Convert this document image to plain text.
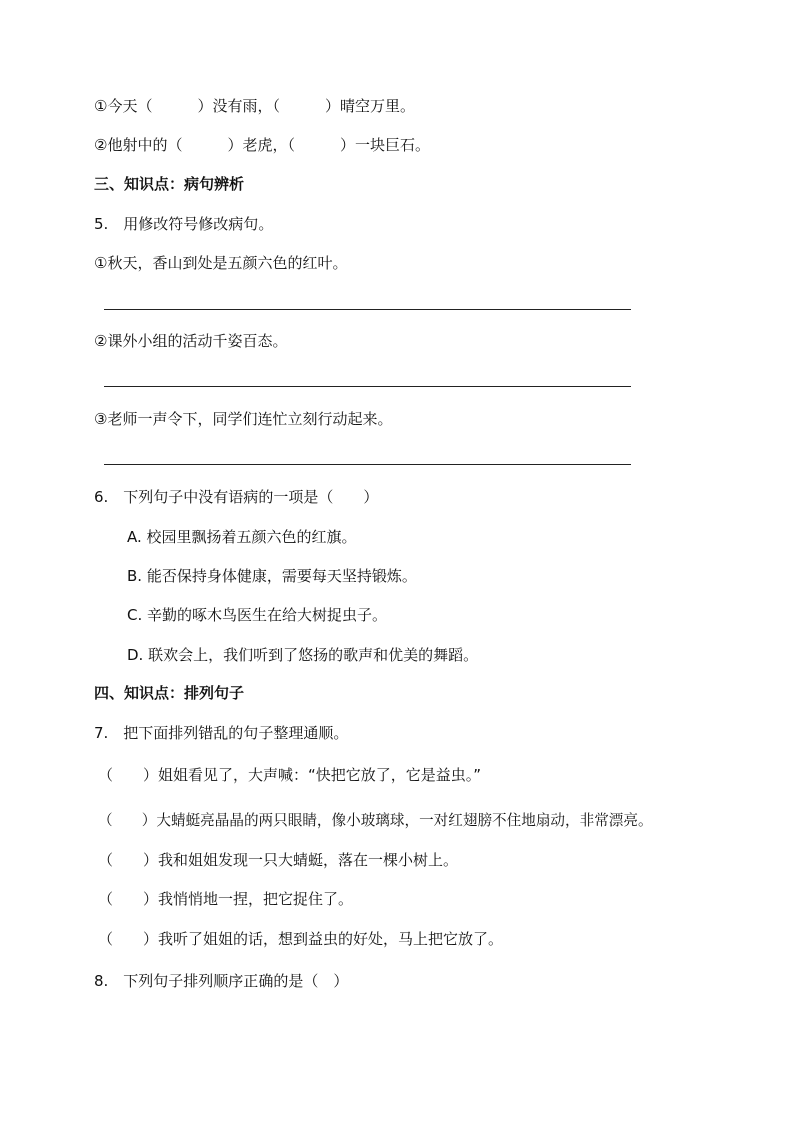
①今天（　　　）没有雨，（　　　）晴空万里。
②他射中的（　　　）老虎，（　　　）一块巨石。
三、知识点：病句辨析
5.　用修改符号修改病句。
①秋天，香山到处是五颜六色的红叶。
②课外小组的活动千姿百态。
③老师一声令下，同学们连忙立刻行动起来。
6.　下列句子中没有语病的一项是（　　）
A. 校园里飘扬着五颜六色的红旗。
B. 能否保持身体健康，需要每天坚持锻炼。
C. 辛勤的啄木鸟医生在给大树捉虫子。
D. 联欢会上，我们听到了悠扬的歌声和优美的舞蹈。
四、知识点：排列句子
7.　把下面排列错乱的句子整理通顺。
（　　）姐姐看见了，大声喊：“快把它放了，它是益虫。”
（　　）大蜻蜓亮晶晶的两只眼睛，像小玻璃球，一对红翅膀不住地扇动，非常漂亮。
（　　）我和姐姐发现一只大蜻蜓，落在一棵小树上。
（　　）我悄悄地一捏，把它捉住了。
（　　）我听了姐姐的话，想到益虫的好处，马上把它放了。
8.　下列句子排列顺序正确的是（　）
